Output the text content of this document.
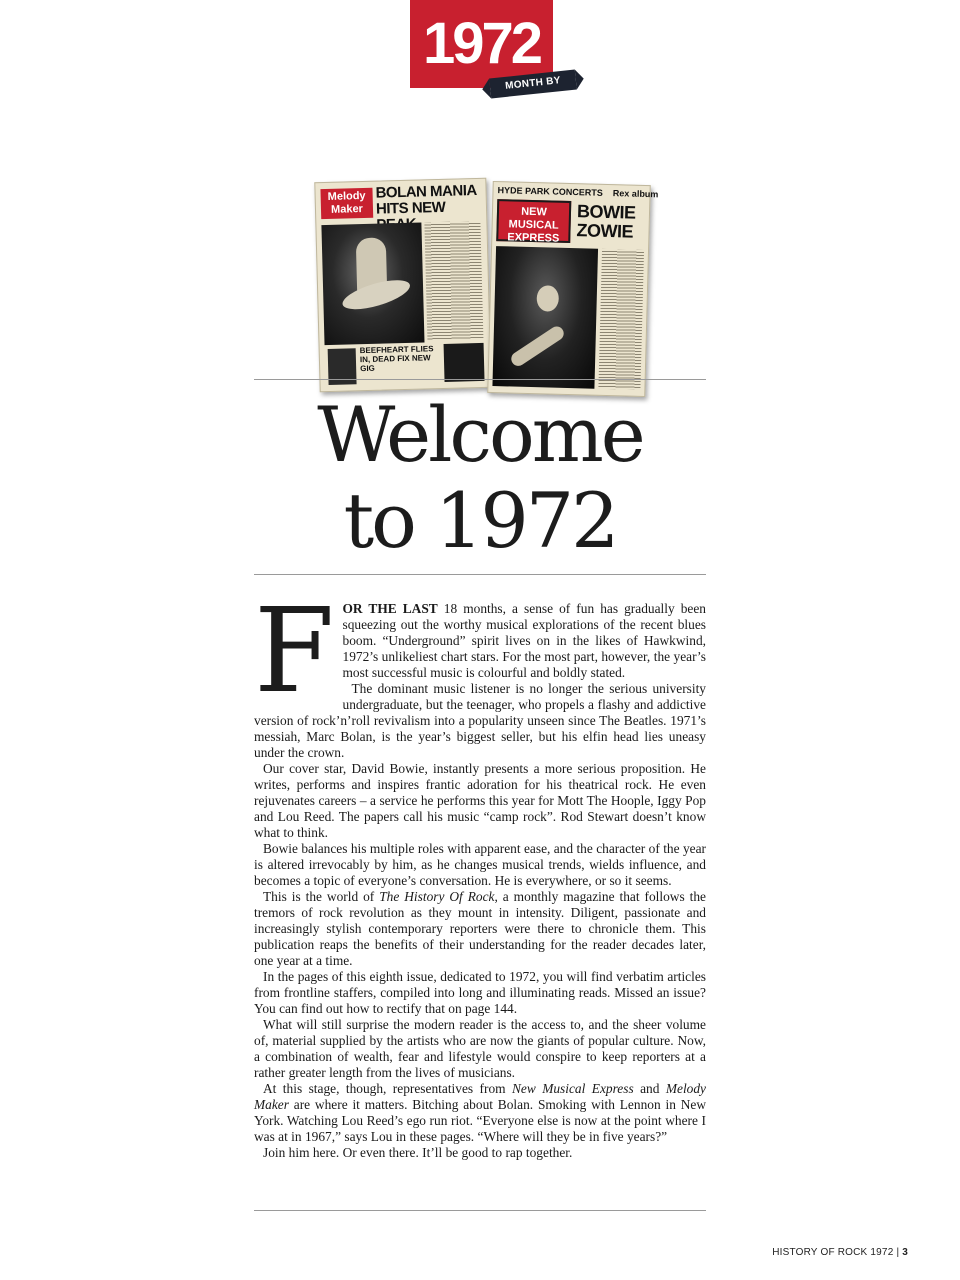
1972
MONTH BY MONTH
Melody Maker
BOLAN MANIA HITS NEW
BEEFHEART FLIES IN, DEAD FIX NEW GIG
HYDE PARK CONCERTS Rex album
NEW MUSICAL EXPRESS
BOWIE ZOWIE
Welcome
to 1972

FOR THE LAST 18 months, a sense of fun has gradually been squeezing out the worthy musical explorations of the recent blues boom. “Underground” spirit lives on in the likes of Hawkwind, 1972’s unlikeliest chart stars. For the most part, however, the year’s most successful music is colourful and boldly stated.

The dominant music listener is no longer the serious university undergraduate, but the teenager, who propels a flashy and addictive version of rock’n’roll revivalism into a popularity unseen since The Beatles. 1971’s messiah, Marc Bolan, is the year’s biggest seller, but his elfin head lies uneasy under the crown.

Our cover star, David Bowie, instantly presents a more serious proposition. He writes, performs and inspires frantic adoration for his theatrical rock. He even rejuvenates careers – a service he performs this year for Mott The Hoople, Iggy Pop and Lou Reed. The papers call his music “camp rock”. Rod Stewart doesn’t know what to think.

Bowie balances his multiple roles with apparent ease, and the character of the year is altered irrevocably by him, as he changes musical trends, wields influence, and becomes a topic of everyone’s conversation. He is everywhere, or so it seems.

This is the world of The History Of Rock, a monthly magazine that follows the tremors of rock revolution as they mount in intensity. Diligent, passionate and increasingly stylish contemporary reporters were there to chronicle them. This publication reaps the benefits of their understanding for the reader decades later, one year at a time.

In the pages of this eighth issue, dedicated to 1972, you will find verbatim articles from frontline staffers, compiled into long and illuminating reads. Missed an issue? You can find out how to rectify that on page 144.

What will still surprise the modern reader is the access to, and the sheer volume of, material supplied by the artists who are now the giants of popular culture. Now, a combination of wealth, fear and lifestyle would conspire to keep reporters at a rather greater length from the lives of musicians.

At this stage, though, representatives from New Musical Express and Melody Maker are where it matters. Bitching about Bolan. Smoking with Lennon in New York. Watching Lou Reed’s ego run riot. “Everyone else is now at the point where I was at in 1967,” says Lou in these pages. “Where will they be in five years?”

Join him here. Or even there. It’ll be good to rap together.

HISTORY OF ROCK 1972 | 3
